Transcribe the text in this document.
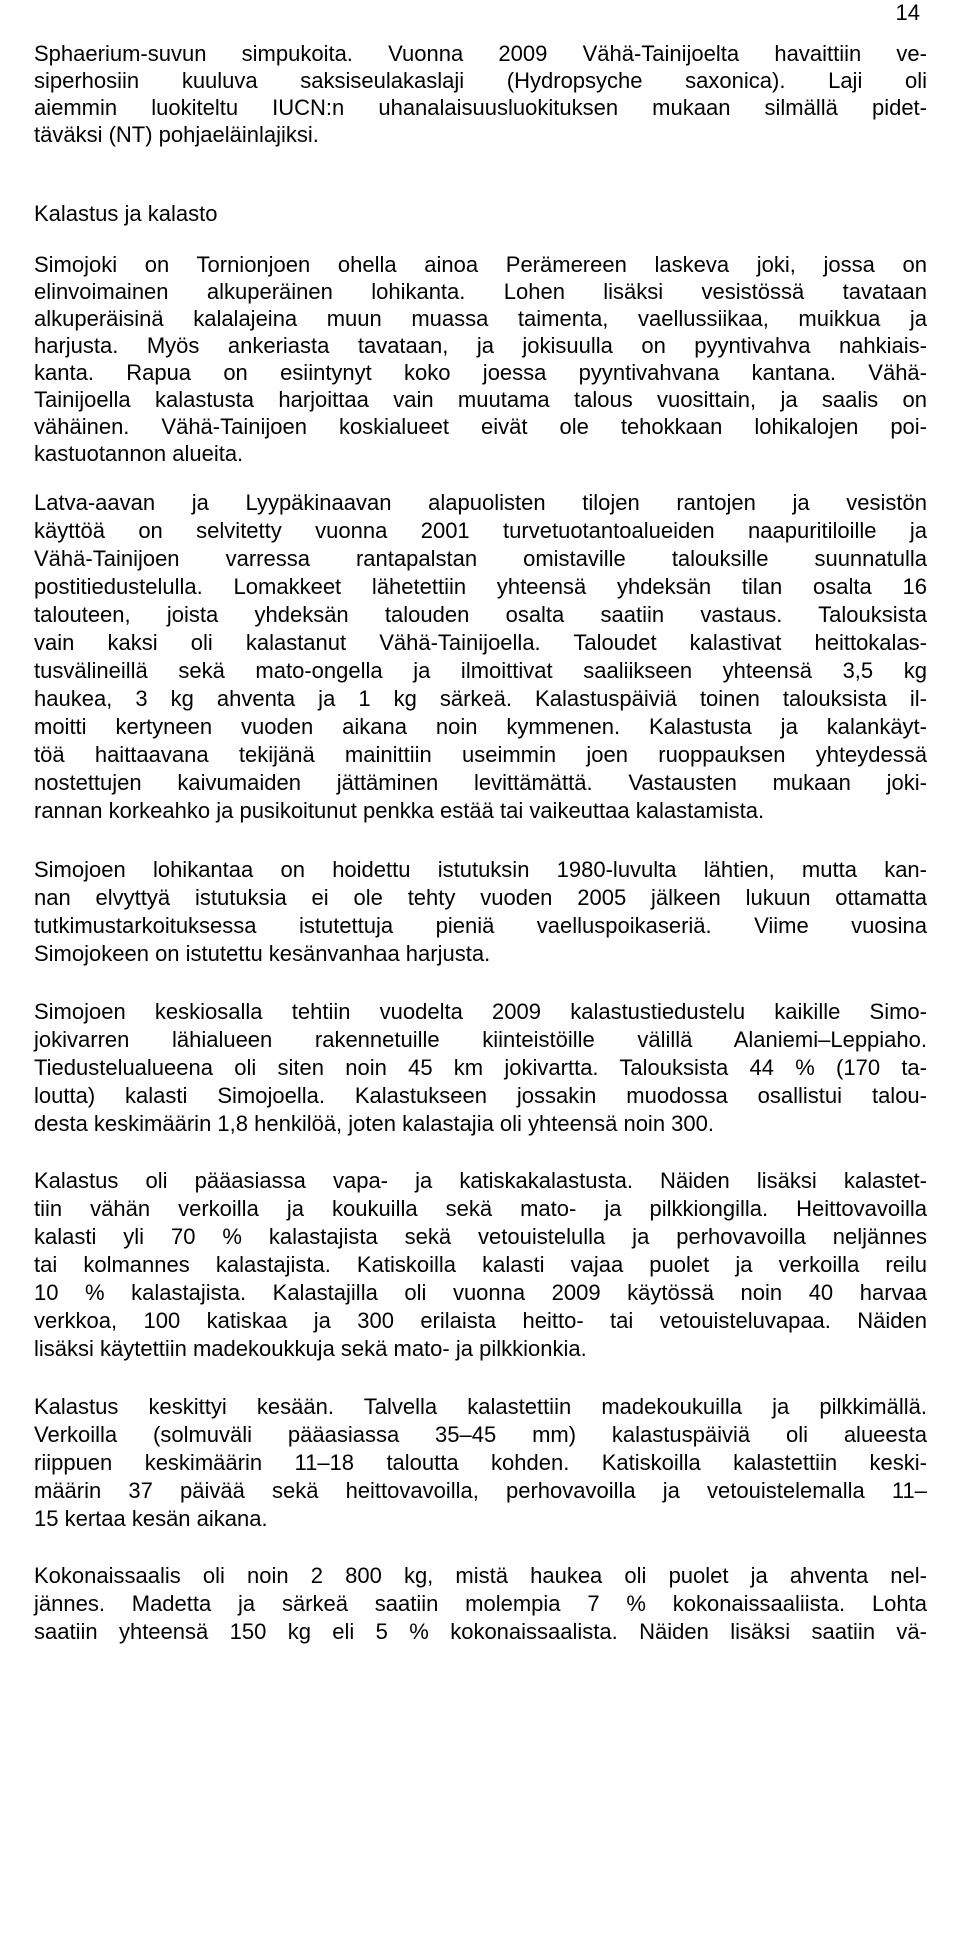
14
Sphaerium-suvun simpukoita. Vuonna 2009 Vähä-Tainijoelta havaittiin ve-
siperhosiin kuuluva saksiseulakaslaji (Hydropsyche saxonica). Laji oli
aiemmin luokiteltu IUCN:n uhanalaisuusluokituksen mukaan silmällä pidet-
täväksi (NT) pohjaeläinlajiksi.
Kalastus ja kalasto
Simojoki on Tornionjoen ohella ainoa Perämereen laskeva joki, jossa on
elinvoimainen alkuperäinen lohikanta. Lohen lisäksi vesistössä tavataan
alkuperäisinä kalalajeina muun muassa taimenta, vaellussiikaa, muikkua ja
harjusta. Myös ankeriasta tavataan, ja jokisuulla on pyyntivahva nahkiais-
kanta. Rapua on esiintynyt koko joessa pyyntivahvana kantana. Vähä-
Tainijoella kalastusta harjoittaa vain muutama talous vuosittain, ja saalis on
vähäinen. Vähä-Tainijoen koskialueet eivät ole tehokkaan lohikalojen poi-
kastuotannon alueita.
Latva-aavan ja Lyypäkinaavan alapuolisten tilojen rantojen ja vesistön
käyttöä on selvitetty vuonna 2001 turvetuotantoalueiden naapuritiloille ja
Vähä-Tainijoen varressa rantapalstan omistaville talouksille suunnatulla
postitiedustelulla. Lomakkeet lähetettiin yhteensä yhdeksän tilan osalta 16
talouteen, joista yhdeksän talouden osalta saatiin vastaus. Talouksista
vain kaksi oli kalastanut Vähä-Tainijoella. Taloudet kalastivat heittokalas-
tusvälineillä sekä mato-ongella ja ilmoittivat saaliikseen yhteensä 3,5 kg
haukea, 3 kg ahventa ja 1 kg särkeä. Kalastuspäiviä toinen talouksista il-
moitti kertyneen vuoden aikana noin kymmenen. Kalastusta ja kalankäyt-
töä haittaavana tekijänä mainittiin useimmin joen ruoppauksen yhteydessä
nostettujen kaivumaiden jättäminen levittämättä. Vastausten mukaan joki-
rannan korkeahko ja pusikoitunut penkka estää tai vaikeuttaa kalastamista.
Simojoen lohikantaa on hoidettu istutuksin 1980-luvulta lähtien, mutta kan-
nan elvyttyä istutuksia ei ole tehty vuoden 2005 jälkeen lukuun ottamatta
tutkimustarkoituksessa istutettuja pieniä vaelluspoikaseriä. Viime vuosina
Simojokeen on istutettu kesänvanhaa harjusta.
Simojoen keskiosalla tehtiin vuodelta 2009 kalastustiedustelu kaikille Simo-
jokivarren lähialueen rakennetuille kiinteistöille välillä Alaniemi–Leppiaho.
Tiedustelualueena oli siten noin 45 km jokivartta. Talouksista 44 % (170 ta-
loutta) kalasti Simojoella. Kalastukseen jossakin muodossa osallistui talou-
desta keskimäärin 1,8 henkilöä, joten kalastajia oli yhteensä noin 300.
Kalastus oli pääasiassa vapa- ja katiskakalastusta. Näiden lisäksi kalastet-
tiin vähän verkoilla ja koukuilla sekä mato- ja pilkkiongilla. Heittovavoilla
kalasti yli 70 % kalastajista sekä vetouistelulla ja perhovavoilla neljännes
tai kolmannes kalastajista. Katiskoilla kalasti vajaa puolet ja verkoilla reilu
10 % kalastajista. Kalastajilla oli vuonna 2009 käytössä noin 40 harvaa
verkkoa, 100 katiskaa ja 300 erilaista heitto- tai vetouisteluvapaa. Näiden
lisäksi käytettiin madekoukkuja sekä mato- ja pilkkionkia.
Kalastus keskittyi kesään. Talvella kalastettiin madekoukuilla ja pilkkimällä.
Verkoilla (solmuväli pääasiassa 35–45 mm) kalastuspäiviä oli alueesta
riippuen keskimäärin 11–18 taloutta kohden. Katiskoilla kalastettiin keski-
määrin 37 päivää sekä heittovavoilla, perhovavoilla ja vetouistelemalla 11–
15 kertaa kesän aikana.
Kokonaissaalis oli noin 2 800 kg, mistä haukea oli puolet ja ahventa nel-
jännes. Madetta ja särkeä saatiin molempia 7 % kokonaissaaliista. Lohta
saatiin yhteensä 150 kg eli 5 % kokonaissaalista. Näiden lisäksi saatiin vä-
